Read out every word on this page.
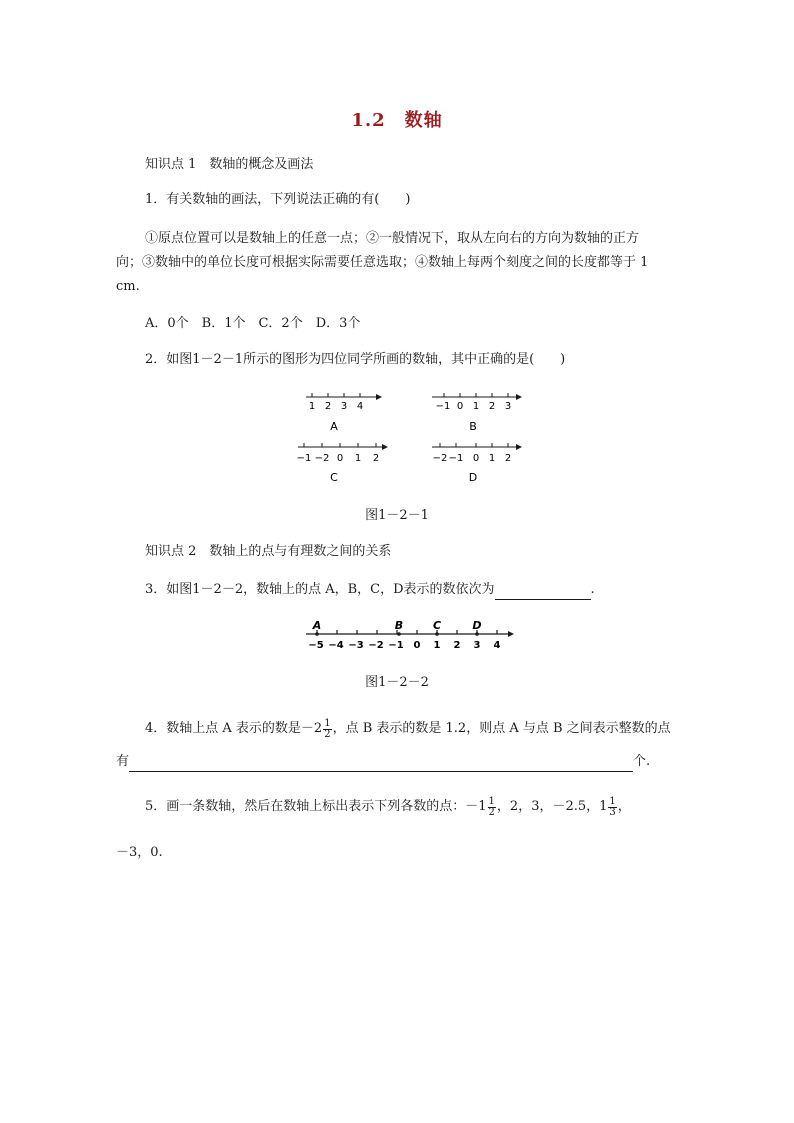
1.2　数轴
知识点 1　数轴的概念及画法
1．有关数轴的画法，下列说法正确的有(　　)
①原点位置可以是数轴上的任意一点；②一般情况下，取从左向右的方向为数轴的正方
向；③数轴中的单位长度可根据实际需要任意选取；④数轴上每两个刻度之间的长度都等于 1
cm.
A．0个　B．1个　C．2个　D．3个
2．如图1－2－1所示的图形为四位同学所画的数轴，其中正确的是(　　)
1 2 3 4
A
−1 0 1 2 3
B
−1 −2 0 1 2
C
−2 −1 0 1 2
D
图1－2－1
知识点 2　数轴上的点与有理数之间的关系
3．如图1－2－2，数轴上的点 A，B，C，D表示的数依次为	.
A	B	C	D
−5 −4 −3 −2 −1 0 1 2 3 4
图1－2－2
4．数轴上点 A 表示的数是$-2 \frac{1}{2}$ ，点 B 表示的数是 1.2，则点 A 与点 B 之间表示整数的点
有	个.
5．画一条数轴，然后在数轴上标出表示下列各数的点：$-1 \frac{1}{2}$ ，2，3，－2.5，$1 \frac{1}{3}$ ，
－3，0.
